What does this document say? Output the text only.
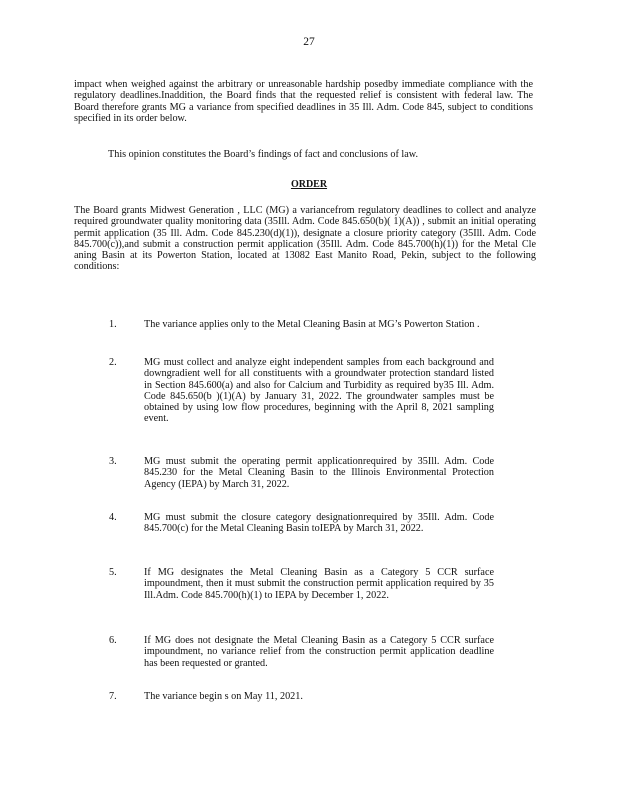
27

impact when weighed against the arbitrary or unreasonable hardship posedby immediate compliance with the regulatory deadlines.Inaddition, the Board finds that the requested relief is consistent with federal law. The Board therefore grants MG a variance from specified deadlines in 35 Ill. Adm. Code 845, subject to conditions specified in its order below.

This opinion constitutes the Board’s findings of fact and conclusions of law.

ORDER

The Board grants Midwest Generation , LLC (MG) a variancefrom regulatory deadlines to collect and analyze required groundwater quality monitoring data (35Ill. Adm. Code 845.650(b)( 1)(A)) , submit an initial operating permit application (35 Ill. Adm. Code 845.230(d)(1)), designate a closure priority category (35Ill. Adm. Code 845.700(c)),and submit a construction permit application (35Ill. Adm. Code 845.700(h)(1)) for the Metal Cle aning Basin at its Powerton Station, located at 13082 East Manito Road, Pekin, subject to the following conditions:

1.	The variance applies only to the Metal Cleaning Basin at MG’s Powerton Station .
2.	MG must collect and analyze eight independent samples from each background and downgradient well for all constituents with a groundwater protection standard listed in Section 845.600(a) and also for Calcium and Turbidity as required by35 Ill. Adm. Code 845.650(b )(1)(A) by January 31, 2022. The groundwater samples must be obtained by using low flow procedures, beginning with the April 8, 2021 sampling event.
3.	MG must submit the operating permit applicationrequired by 35Ill. Adm. Code 845.230 for the Metal Cleaning Basin to the Illinois Environmental Protection Agency (IEPA) by March 31, 2022.
4.	MG must submit the closure category designationrequired by 35Ill. Adm. Code 845.700(c) for the Metal Cleaning Basin toIEPA by March 31, 2022.
5.	If MG designates the Metal Cleaning Basin as a Category 5 CCR surface impoundment, then it must submit the construction permit application required by 35 Ill.Adm. Code 845.700(h)(1) to IEPA by December 1, 2022.
6.	If MG does not designate the Metal Cleaning Basin as a Category 5 CCR surface impoundment, no variance relief from the construction permit application deadline has been requested or granted.
7.	The variance begin s on May 11, 2021.
